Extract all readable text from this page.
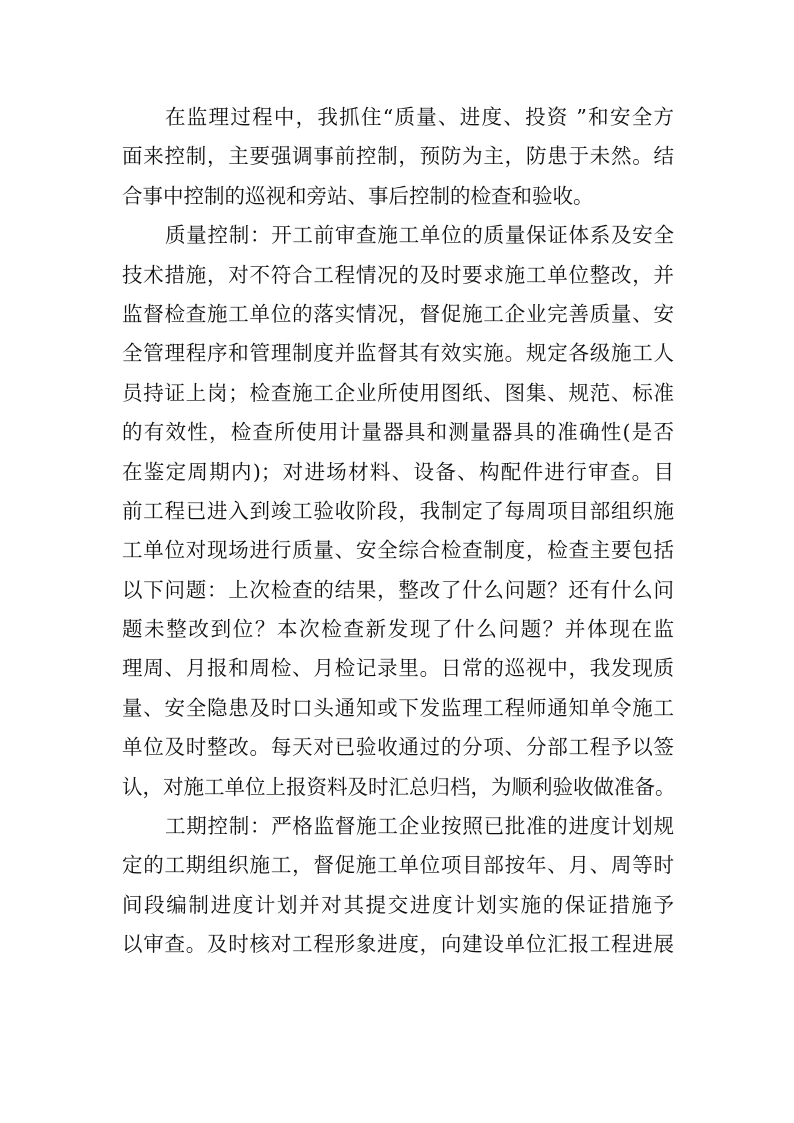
在监理过程中，我抓住“质量、进度、投资 ”和安全方
面来控制，主要强调事前控制，预防为主，防患于未然。结
合事中控制的巡视和旁站、事后控制的检查和验收。
质量控制：开工前审查施工单位的质量保证体系及安全
技术措施，对不符合工程情况的及时要求施工单位整改，并
监督检查施工单位的落实情况，督促施工企业完善质量、安
全管理程序和管理制度并监督其有效实施。规定各级施工人
员持证上岗；检查施工企业所使用图纸、图集、规范、标准
的有效性，检查所使用计量器具和测量器具的准确性(是否
在鉴定周期内)；对进场材料、设备、构配件进行审查。目
前工程已进入到竣工验收阶段，我制定了每周项目部组织施
工单位对现场进行质量、安全综合检查制度，检查主要包括
以下问题：上次检查的结果，整改了什么问题？还有什么问
题未整改到位？本次检查新发现了什么问题？并体现在监
理周、月报和周检、月检记录里。日常的巡视中，我发现质
量、安全隐患及时口头通知或下发监理工程师通知单令施工
单位及时整改。每天对已验收通过的分项、分部工程予以签
认，对施工单位上报资料及时汇总归档，为顺利验收做准备。
工期控制：严格监督施工企业按照已批准的进度计划规
定的工期组织施工，督促施工单位项目部按年、月、周等时
间段编制进度计划并对其提交进度计划实施的保证措施予
以审查。及时核对工程形象进度，向建设单位汇报工程进展
